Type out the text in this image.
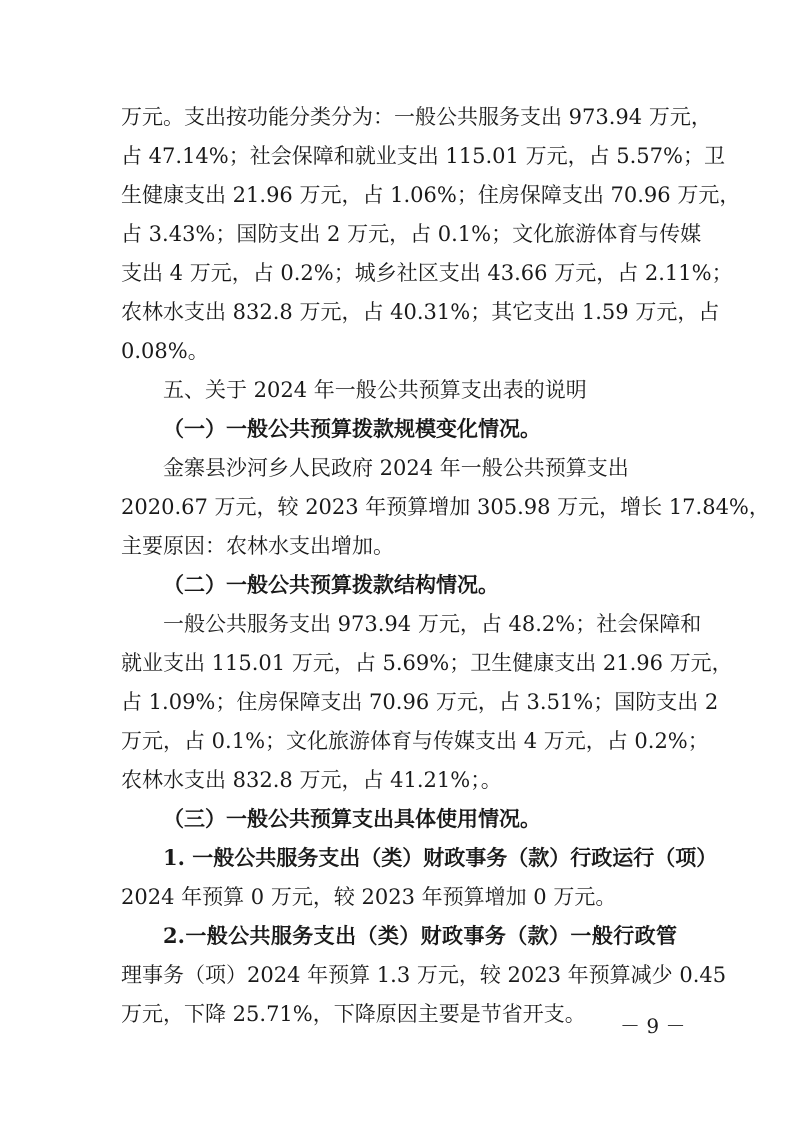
万元。支出按功能分类分为：一般公共服务支出 973.94 万元，
占 47.14%；社会保障和就业支出 115.01 万元，占 5.57%；卫
生健康支出 21.96 万元，占 1.06%；住房保障支出 70.96 万元，
占 3.43%；国防支出 2 万元，占 0.1%；文化旅游体育与传媒
支出 4 万元，占 0.2%；城乡社区支出 43.66 万元，占 2.11%；
农林水支出 832.8 万元，占 40.31%；其它支出 1.59 万元，占
0.08%。
五、关于 2024 年一般公共预算支出表的说明
（一）一般公共预算拨款规模变化情况。
金寨县沙河乡人民政府 2024 年一般公共预算支出
2020.67 万元，较 2023 年预算增加 305.98 万元，增长 17.84%，
主要原因：农林水支出增加。
（二）一般公共预算拨款结构情况。
一般公共服务支出 973.94 万元，占 48.2%；社会保障和
就业支出 115.01 万元，占 5.69%；卫生健康支出 21.96 万元，
占 1.09%；住房保障支出 70.96 万元，占 3.51%；国防支出 2
万元，占 0.1%；文化旅游体育与传媒支出 4 万元，占 0.2%；
农林水支出 832.8 万元，占 41.21%；。
（三）一般公共预算支出具体使用情况。
1. 一般公共服务支出（类）财政事务（款）行政运行（项）
2024 年预算 0 万元，较 2023 年预算增加 0 万元。
2.一般公共服务支出（类）财政事务（款）一般行政管
理事务（项）2024 年预算 1.3 万元，较 2023 年预算减少 0.45
万元，下降 25.71%，下降原因主要是节省开支。 － 9 －
